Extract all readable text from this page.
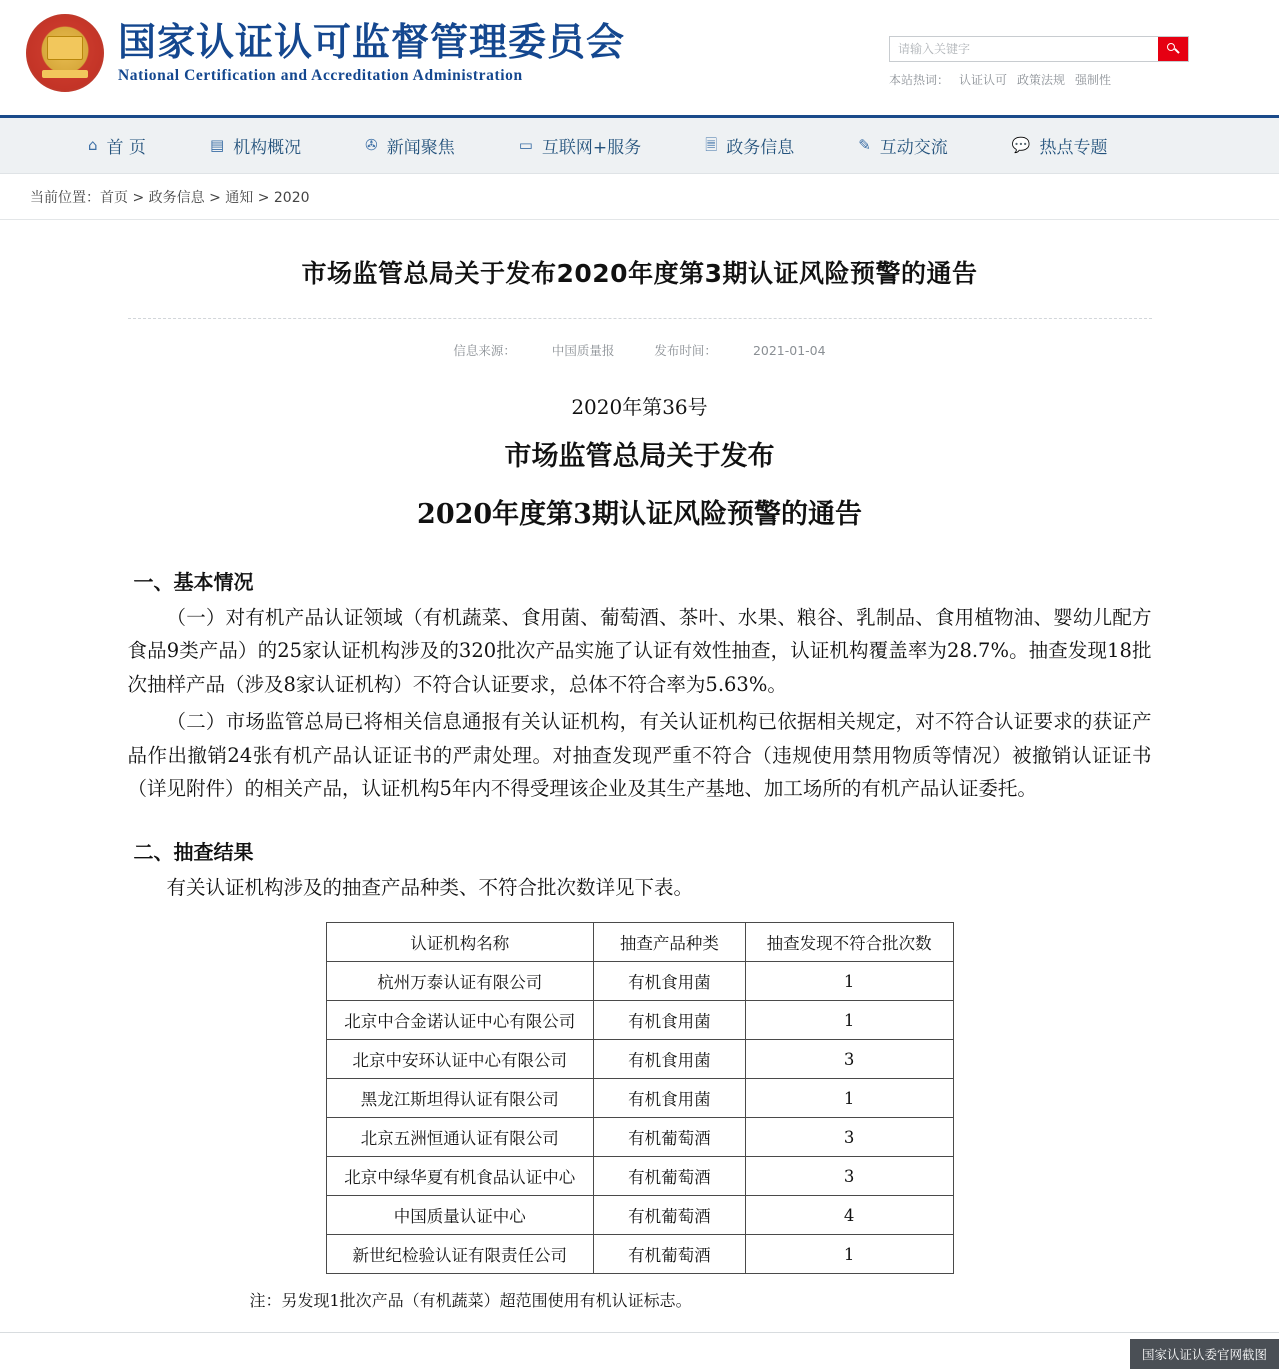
国家认证认可监督管理委员会
National Certification and Accreditation Administration
请输入关键字	本站热词： 认证认可 政策法规 强制性
⌂ 首 页	▤ 机构概况	✇ 新闻聚焦	▭ 互联网+服务	🗏 政务信息	✎ 互动交流	💬 热点专题
当前位置： 首页 > 政务信息 > 通知 > 2020
市场监管总局关于发布2020年度第3期认证风险预警的通告
信息来源：	中国质量报	发布时间：	2021-01-04
2020年第36号
市场监管总局关于发布
2020年度第3期认证风险预警的通告
一、基本情况

（一）对有机产品认证领域（有机蔬菜、食用菌、葡萄酒、茶叶、水果、粮谷、乳制品、食用植物油、婴幼儿配方食品9类产品）的25家认证机构涉及的320批次产品实施了认证有效性抽查，认证机构覆盖率为28.7%。抽查发现18批次抽样产品（涉及8家认证机构）不符合认证要求，总体不符合率为5.63%。

（二）市场监管总局已将相关信息通报有关认证机构，有关认证机构已依据相关规定，对不符合认证要求的获证产品作出撤销24张有机产品认证证书的严肃处理。对抽查发现严重不符合（违规使用禁用物质等情况）被撤销认证证书（详见附件）的相关产品，认证机构5年内不得受理该企业及其生产基地、加工场所的有机产品认证委托。

二、抽查结果

有关认证机构涉及的抽查产品种类、不符合批次数详见下表。

认证机构名称	抽查产品种类	抽查发现不符合批次数
杭州万泰认证有限公司	有机食用菌	1
北京中合金诺认证中心有限公司	有机食用菌	1
北京中安环认证中心有限公司	有机食用菌	3
黑龙江斯坦得认证有限公司	有机食用菌	1
北京五洲恒通认证有限公司	有机葡萄酒	3
北京中绿华夏有机食品认证中心	有机葡萄酒	3
中国质量认证中心	有机葡萄酒	4
新世纪检验认证有限责任公司	有机葡萄酒	1
注：另发现1批次产品（有机蔬菜）超范围使用有机认证标志。
国家认证认委官网截图
